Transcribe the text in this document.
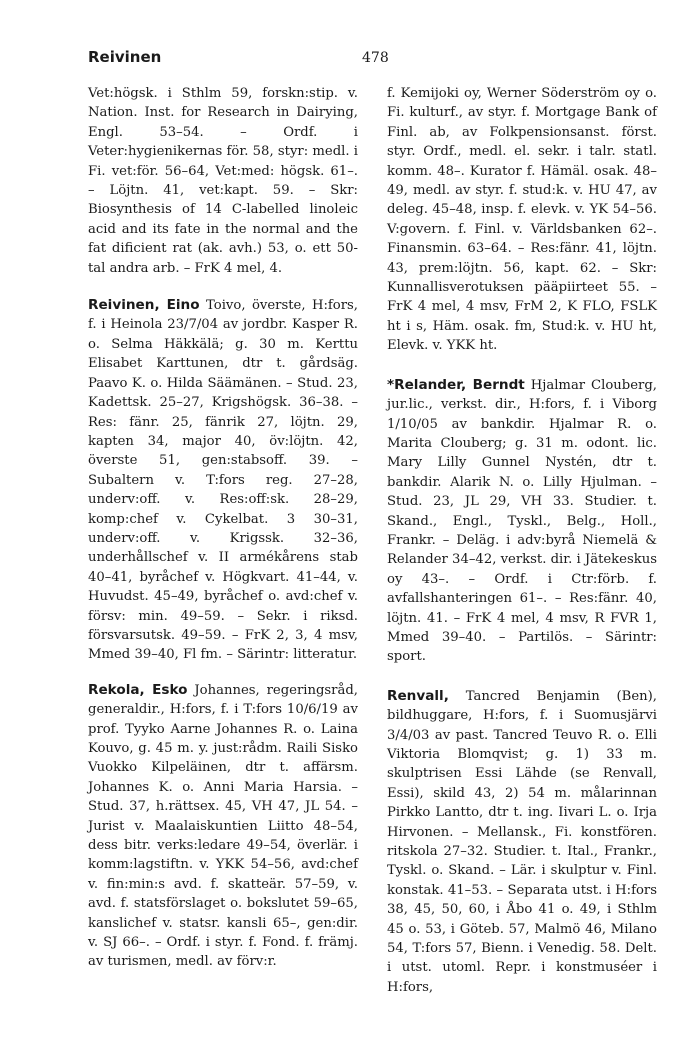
Reivinen	478

Vet:högsk. i Sthlm 59, forskn:stip. v. Nation. Inst. for Research in Dairying, Engl. 53–54. – Ordf. i Veter:hygienikernas för. 58, styr: medl. i Fi. vet:för. 56–64, Vet:med: högsk. 61–. – Löjtn. 41, vet:kapt. 59. – Skr: Biosynthesis of 14 C-labelled linoleic acid and its fate in the normal and the fat dificient rat (ak. avh.) 53, o. ett 50-tal andra arb. – FrK 4 mel, 4.

Reivinen, Eino Toivo, överste, H:fors, f. i Heinola 23/7/04 av jordbr. Kasper R. o. Selma Häkkälä; g. 30 m. Kerttu Elisabet Karttunen, dtr t. gårdsäg. Paavo K. o. Hilda Säämänen. – Stud. 23, Kadettsk. 25–27, Krigshögsk. 36–38. – Res: fänr. 25, fänrik 27, löjtn. 29, kapten 34, major 40, öv:löjtn. 42, överste 51, gen:stabsoff. 39. – Subaltern v. T:fors reg. 27–28, underv:off. v. Res:off:sk. 28–29, komp:chef v. Cykelbat. 3 30–31, underv:off. v. Krigssk. 32–36, underhållschef v. II armékårens stab 40–41, byråchef v. Högkvart. 41–44, v. Huvudst. 45–49, byråchef o. avd:chef v. försv: min. 49–59. – Sekr. i riksd. försvarsutsk. 49–59. – FrK 2, 3, 4 msv, Mmed 39–40, Fl fm. – Särintr: litteratur.

Rekola, Esko Johannes, regeringsråd, generaldir., H:fors, f. i T:fors 10/6/19 av prof. Tyyko Aarne Johannes R. o. Laina Kouvo, g. 45 m. y. just:rådm. Raili Sisko Vuokko Kilpeläinen, dtr t. affärsm. Johannes K. o. Anni Maria Harsia. – Stud. 37, h.rättsex. 45, VH 47, JL 54. – Jurist v. Maalaiskuntien Liitto 48–54, dess bitr. verks:ledare 49–54, överlär. i komm:lagstiftn. v. YKK 54–56, avd:chef v. fin:min:s avd. f. skatteär. 57–59, v. avd. f. statsförslaget o. bokslutet 59–65, kanslichef v. statsr. kansli 65–, gen:dir. v. SJ 66–. – Ordf. i styr. f. Fond. f. främj. av turismen, medl. av förv:r.

f. Kemijoki oy, Werner Söderström oy o. Fi. kulturf., av styr. f. Mortgage Bank of Finl. ab, av Folkpensionsanst. först. styr. Ordf., medl. el. sekr. i talr. statl. komm. 48–. Kurator f. Hämäl. osak. 48–49, medl. av styr. f. stud:k. v. HU 47, av deleg. 45–48, insp. f. elevk. v. YK 54–56. V:govern. f. Finl. v. Världsbanken 62–. Finansmin. 63–64. – Res:fänr. 41, löjtn. 43, prem:löjtn. 56, kapt. 62. – Skr: Kunnallisverotuksen pääpiirteet 55. – FrK 4 mel, 4 msv, FrM 2, K FLO, FSLK ht i s, Häm. osak. fm, Stud:k. v. HU ht, Elevk. v. YKK ht.

*Relander, Berndt Hjalmar Clouberg, jur.lic., verkst. dir., H:fors, f. i Viborg 1/10/05 av bankdir. Hjalmar R. o. Marita Clouberg; g. 31 m. odont. lic. Mary Lilly Gunnel Nystén, dtr t. bankdir. Alarik N. o. Lilly Hjulman. – Stud. 23, JL 29, VH 33. Studier. t. Skand., Engl., Tyskl., Belg., Holl., Frankr. – Deläg. i adv:byrå Niemelä & Relander 34–42, verkst. dir. i Jätekeskus oy 43–. – Ordf. i Ctr:förb. f. avfallshanteringen 61–. – Res:fänr. 40, löjtn. 41. – FrK 4 mel, 4 msv, R FVR 1, Mmed 39–40. – Partilös. – Särintr: sport.

Renvall, Tancred Benjamin (Ben), bildhuggare, H:fors, f. i Suomusjärvi 3/4/03 av past. Tancred Teuvo R. o. Elli Viktoria Blomqvist; g. 1) 33 m. skulptrisen Essi Lähde (se Renvall, Essi), skild 43, 2) 54 m. målarinnan Pirkko Lantto, dtr t. ing. Iivari L. o. Irja Hirvonen. – Mellansk., Fi. konstfören. ritskola 27–32. Studier. t. Ital., Frankr., Tyskl. o. Skand. – Lär. i skulptur v. Finl. konstak. 41–53. – Separata utst. i H:fors 38, 45, 50, 60, i Åbo 41 o. 49, i Sthlm 45 o. 53, i Göteb. 57, Malmö 46, Milano 54, T:fors 57, Bienn. i Venedig. 58. Delt. i utst. utoml. Repr. i konstmuséer i H:fors,
